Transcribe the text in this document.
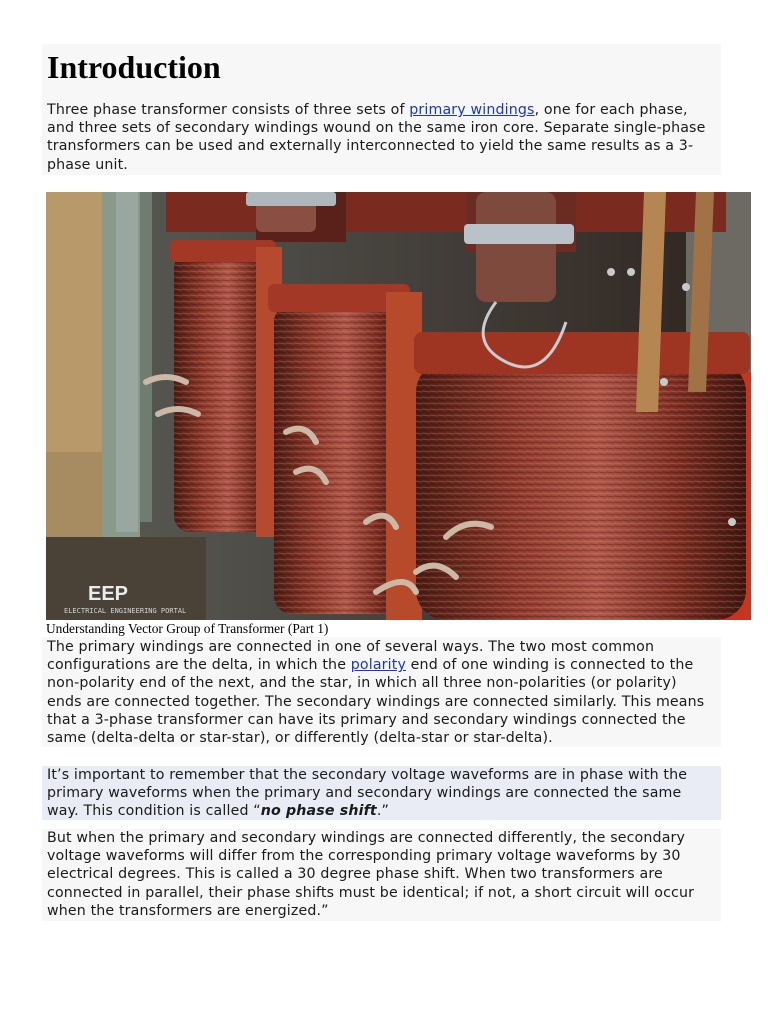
Introduction

Three phase transformer consists of three sets of primary windings, one for each phase, and three sets of secondary windings wound on the same iron core. Separate single-phase transformers can be used and externally interconnected to yield the same results as a 3-phase unit.

EEP
ELECTRICAL ENGINEERING PORTAL
Understanding Vector Group of Transformer (Part 1)

The primary windings are connected in one of several ways. The two most common configurations are the delta, in which the polarity end of one winding is connected to the non-polarity end of the next, and the star, in which all three non-polarities (or polarity) ends are connected together. The secondary windings are connected similarly. This means that a 3-phase transformer can have its primary and secondary windings connected the same (delta-delta or star-star), or differently (delta-star or star-delta).

It’s important to remember that the secondary voltage waveforms are in phase with the primary waveforms when the primary and secondary windings are connected the same way. This condition is called “no phase shift.”

But when the primary and secondary windings are connected differently, the secondary voltage waveforms will differ from the corresponding primary voltage waveforms by 30 electrical degrees. This is called a 30 degree phase shift. When two transformers are connected in parallel, their phase shifts must be identical; if not, a short circuit will occur when the transformers are energized.”
